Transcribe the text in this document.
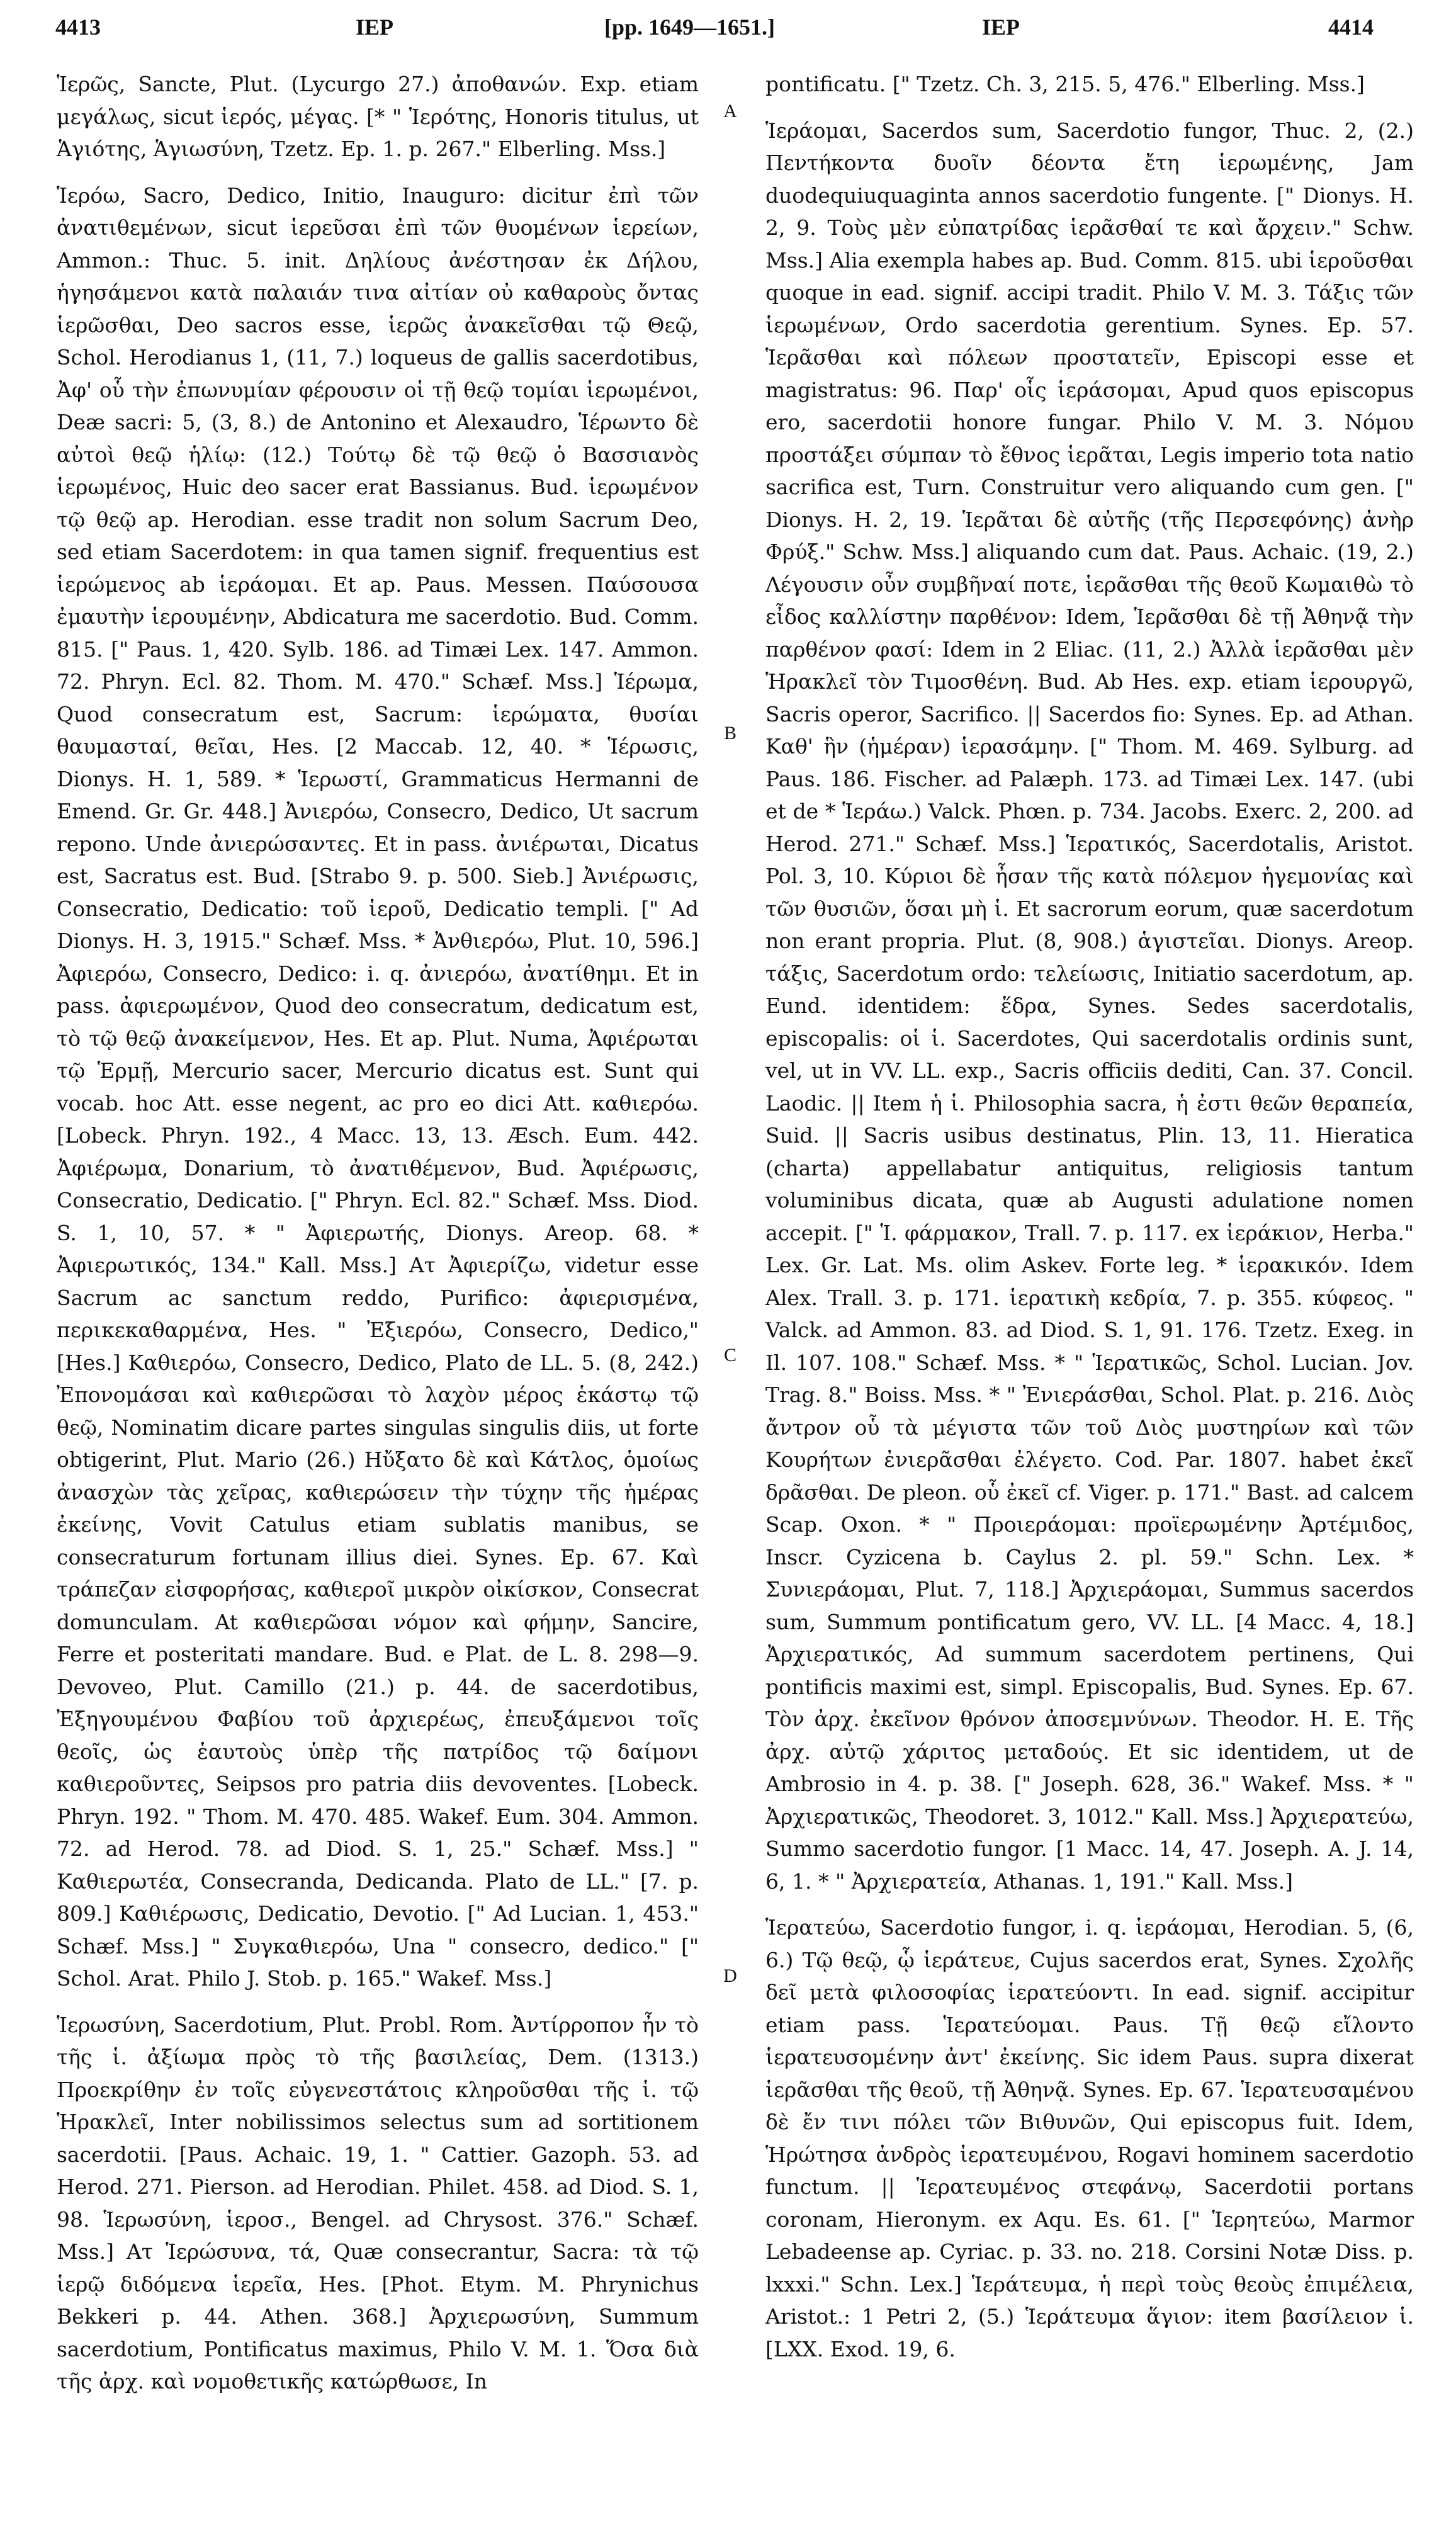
4413	ΙΕΡ	[pp. 1649—1651.]	ΙΕΡ	4414

Ἱερῶς, Sancte, Plut. (Lycurgo 27.) ἀποθανών. Exp. etiam μεγάλως, sicut ἱερός, μέγας. [* " Ἱερότης, Honoris titulus, ut Ἁγιότης, Ἁγιωσύνη, Tzetz. Ep. 1. p. 267." Elberling. Mss.]

Ἱερόω, Sacro, Dedico, Initio, Inauguro: dicitur ἐπὶ τῶν ἀνατιθεμένων, sicut ἱερεῦσαι ἐπὶ τῶν θυομένων ἱερείων, Ammon.: Thuc. 5. init. Δηλίους ἀνέστησαν ἐκ Δήλου, ἡγησάμενοι κατὰ παλαιάν τινα αἰτίαν οὐ καθαροὺς ὄντας ἱερῶσθαι, Deo sacros esse, ἱερῶς ἀνακεῖσθαι τῷ Θεῷ, Schol. Herodianus 1, (11, 7.) loqueus de gallis sacerdotibus, Ἀφ' οὗ τὴν ἐπωνυμίαν φέρουσιν οἱ τῇ θεῷ τομίαι ἱερωμένοι, Deæ sacri: 5, (3, 8.) de Antonino et Alexaudro, Ἱέρωντο δὲ αὐτοὶ θεῷ ἡλίῳ: (12.) Τούτῳ δὲ τῷ θεῷ ὁ Βασσιανὸς ἱερωμένος, Huic deo sacer erat Bassianus. Bud. ἱερωμένον τῷ θεῷ ap. Herodian. esse tradit non solum Sacrum Deo, sed etiam Sacerdotem: in qua tamen signif. frequentius est ἱερώμενος ab ἱεράομαι. Et ap. Paus. Messen. Παύσουσα ἐμαυτὴν ἱερουμένην, Abdicatura me sacerdotio. Bud. Comm. 815. [" Paus. 1, 420. Sylb. 186. ad Timæi Lex. 147. Ammon. 72. Phryn. Ecl. 82. Thom. M. 470." Schæf. Mss.] Ἱέρωμα, Quod consecratum est, Sacrum: ἱερώματα, θυσίαι θαυμασταί, θεῖαι, Hes. [2 Maccab. 12, 40. * Ἱέρωσις, Dionys. H. 1, 589. * Ἱερωστί, Grammaticus Hermanni de Emend. Gr. Gr. 448.] Ἀνιερόω, Consecro, Dedico, Ut sacrum repono. Unde ἀνιερώσαντες. Et in pass. ἀνιέρωται, Dicatus est, Sacratus est. Bud. [Strabo 9. p. 500. Sieb.] Ἀνιέρωσις, Consecratio, Dedicatio: τοῦ ἱεροῦ, Dedicatio templi. [" Ad Dionys. H. 3, 1915." Schæf. Mss. * Ἀνθιερόω, Plut. 10, 596.] Ἀφιερόω, Consecro, Dedico: i. q. ἀνιερόω, ἀνατίθημι. Et in pass. ἀφιερωμένον, Quod deo consecratum, dedicatum est, τὸ τῷ θεῷ ἀνακείμενον, Hes. Et ap. Plut. Numa, Ἀφιέρωται τῷ Ἑρμῇ, Mercurio sacer, Mercurio dicatus est. Sunt qui vocab. hoc Att. esse negent, ac pro eo dici Att. καθιερόω. [Lobeck. Phryn. 192., 4 Macc. 13, 13. Æsch. Eum. 442. Ἀφιέρωμα, Donarium, τὸ ἀνατιθέμενον, Bud. Ἀφιέρωσις, Consecratio, Dedicatio. [" Phryn. Ecl. 82." Schæf. Mss. Diod. S. 1, 10, 57. * " Ἀφιερωτής, Dionys. Areop. 68. * Ἀφιερωτικός, 134." Kall. Mss.] Ατ Ἀφιερίζω, videtur esse Sacrum ac sanctum reddo, Purifico: ἀφιερισμένα, περικεκαθαρμένα, Hes. " Ἐξιερόω, Consecro, Dedico," [Hes.] Καθιερόω, Consecro, Dedico, Plato de LL. 5. (8, 242.) Ἐπονομάσαι καὶ καθιερῶσαι τὸ λαχὸν μέρος ἑκάστῳ τῷ θεῷ, Nominatim dicare partes singulas singulis diis, ut forte obtigerint, Plut. Mario (26.) Ηὔξατο δὲ καὶ Κάτλος, ὁμοίως ἀνασχὼν τὰς χεῖρας, καθιερώσειν τὴν τύχην τῆς ἡμέρας ἐκείνης, Vovit Catulus etiam sublatis manibus, se consecraturum fortunam illius diei. Synes. Ep. 67. Καὶ τράπεζαν εἰσφορήσας, καθιεροῖ μικρὸν οἰκίσκον, Consecrat domunculam. At καθιερῶσαι νόμον καὶ φήμην, Sancire, Ferre et posteritati mandare. Bud. e Plat. de L. 8. 298—9. Devoveo, Plut. Camillo (21.) p. 44. de sacerdotibus, Ἐξηγουμένου Φαβίου τοῦ ἀρχιερέως, ἐπευξάμενοι τοῖς θεοῖς, ὡς ἑαυτοὺς ὑπὲρ τῆς πατρίδος τῷ δαίμονι καθιεροῦντες, Seipsos pro patria diis devoventes. [Lobeck. Phryn. 192. " Thom. M. 470. 485. Wakef. Eum. 304. Ammon. 72. ad Herod. 78. ad Diod. S. 1, 25." Schæf. Mss.] " Καθιερωτέα, Consecranda, Dedicanda. Plato de LL." [7. p. 809.] Καθιέρωσις, Dedicatio, Devotio. [" Ad Lucian. 1, 453." Schæf. Mss.] " Συγκαθιερόω, Una " consecro, dedico." [" Schol. Arat. Philo J. Stob. p. 165." Wakef. Mss.]

Ἱερωσύνη, Sacerdotium, Plut. Probl. Rom. Ἀντίρροπον ἦν τὸ τῆς ἱ. ἀξίωμα πρὸς τὸ τῆς βασιλείας, Dem. (1313.) Προεκρίθην ἐν τοῖς εὐγενεστάτοις κληροῦσθαι τῆς ἱ. τῷ Ἡρακλεῖ, Inter nobilissimos selectus sum ad sortitionem sacerdotii. [Paus. Achaic. 19, 1. " Cattier. Gazoph. 53. ad Herod. 271. Pierson. ad Herodian. Philet. 458. ad Diod. S. 1, 98. Ἱερωσύνη, ἱεροσ., Bengel. ad Chrysost. 376." Schæf. Mss.] Ατ Ἱερώσυνα, τά, Quæ consecrantur, Sacra: τὰ τῷ ἱερῷ διδόμενα ἱερεῖα, Hes. [Phot. Etym. M. Phrynichus Bekkeri p. 44. Athen. 368.] Ἀρχιερωσύνη, Summum sacerdotium, Pontificatus maximus, Philo V. M. 1. Ὅσα διὰ τῆς ἀρχ. καὶ νομοθετικῆς κατώρθωσε, In

A
B
C
D

pontificatu. [" Tzetz. Ch. 3, 215. 5, 476." Elberling. Mss.]

Ἱεράομαι, Sacerdos sum, Sacerdotio fungor, Thuc. 2, (2.) Πεντήκοντα δυοῖν δέοντα ἔτη ἱερωμένης, Jam duodequiuquaginta annos sacerdotio fungente. [" Dionys. H. 2, 9. Τοὺς μὲν εὐπατρίδας ἱερᾶσθαί τε καὶ ἄρχειν." Schw. Mss.] Alia exempla habes ap. Bud. Comm. 815. ubi ἱεροῦσθαι quoque in ead. signif. accipi tradit. Philo V. M. 3. Τάξις τῶν ἱερωμένων, Ordo sacerdotia gerentium. Synes. Ep. 57. Ἱερᾶσθαι καὶ πόλεων προστατεῖν, Episcopi esse et magistratus: 96. Παρ' οἷς ἱεράσομαι, Apud quos episcopus ero, sacerdotii honore fungar. Philo V. M. 3. Νόμου προστάξει σύμπαν τὸ ἔθνος ἱερᾶται, Legis imperio tota natio sacrifica est, Turn. Construitur vero aliquando cum gen. [" Dionys. H. 2, 19. Ἱερᾶται δὲ αὐτῆς (τῆς Περσεφόνης) ἀνὴρ Φρύξ." Schw. Mss.] aliquando cum dat. Paus. Achaic. (19, 2.) Λέγουσιν οὖν συμβῆναί ποτε, ἱερᾶσθαι τῆς θεοῦ Κωμαιθὼ τὸ εἶδος καλλίστην παρθένον: Idem, Ἱερᾶσθαι δὲ τῇ Ἀθηνᾷ τὴν παρθένον φασί: Idem in 2 Eliac. (11, 2.) Ἀλλὰ ἱερᾶσθαι μὲν Ἡρακλεῖ τὸν Τιμοσθένη. Bud. Ab Hes. exp. etiam ἱερουργῶ, Sacris operor, Sacrifico. || Sacerdos fio: Synes. Ep. ad Athan. Καθ' ἣν (ἡμέραν) ἱερασάμην. [" Thom. M. 469. Sylburg. ad Paus. 186. Fischer. ad Palæph. 173. ad Timæi Lex. 147. (ubi et de * Ἱεράω.) Valck. Phœn. p. 734. Jacobs. Exerc. 2, 200. ad Herod. 271." Schæf. Mss.] Ἱερατικός, Sacerdotalis, Aristot. Pol. 3, 10. Κύριοι δὲ ἦσαν τῆς κατὰ πόλεμον ἡγεμονίας καὶ τῶν θυσιῶν, ὅσαι μὴ ἱ. Et sacrorum eorum, quæ sacerdotum non erant propria. Plut. (8, 908.) ἁγιστεῖαι. Dionys. Areop. τάξις, Sacerdotum ordo: τελείωσις, Initiatio sacerdotum, ap. Eund. identidem: ἕδρα, Synes. Sedes sacerdotalis, episcopalis: οἱ ἱ. Sacerdotes, Qui sacerdotalis ordinis sunt, vel, ut in VV. LL. exp., Sacris officiis dediti, Can. 37. Concil. Laodic. || Item ἡ ἱ. Philosophia sacra, ἡ ἐστι θεῶν θεραπεία, Suid. || Sacris usibus destinatus, Plin. 13, 11. Hieratica (charta) appellabatur antiquitus, religiosis tantum voluminibus dicata, quæ ab Augusti adulatione nomen accepit. [" Ἱ. φάρμακον, Trall. 7. p. 117. ex ἱεράκιον, Herba." Lex. Gr. Lat. Ms. olim Askev. Forte leg. * ἱερακικόν. Idem Alex. Trall. 3. p. 171. ἱερατικὴ κεδρία, 7. p. 355. κύφεος. " Valck. ad Ammon. 83. ad Diod. S. 1, 91. 176. Tzetz. Exeg. in Il. 107. 108." Schæf. Mss. * " Ἱερατικῶς, Schol. Lucian. Jov. Trag. 8." Boiss. Mss. * " Ἐνιεράσθαι, Schol. Plat. p. 216. Διὸς ἄντρον οὗ τὰ μέγιστα τῶν τοῦ Διὸς μυστηρίων καὶ τῶν Κουρήτων ἐνιερᾶσθαι ἐλέγετο. Cod. Par. 1807. habet ἐκεῖ δρᾶσθαι. De pleon. οὗ ἐκεῖ cf. Viger. p. 171." Bast. ad calcem Scap. Oxon. * " Προιεράομαι: προϊερωμένην Ἀρτέμιδος, Inscr. Cyzicena b. Caylus 2. pl. 59." Schn. Lex. * Συνιεράομαι, Plut. 7, 118.] Ἀρχιεράομαι, Summus sacerdos sum, Summum pontificatum gero, VV. LL. [4 Macc. 4, 18.] Ἀρχιερατικός, Ad summum sacerdotem pertinens, Qui pontificis maximi est, simpl. Episcopalis, Bud. Synes. Ep. 67. Τὸν ἀρχ. ἐκεῖνον θρόνον ἀποσεμνύνων. Theodor. H. E. Τῆς ἀρχ. αὐτῷ χάριτος μεταδούς. Et sic identidem, ut de Ambrosio in 4. p. 38. [" Joseph. 628, 36." Wakef. Mss. * " Ἀρχιερατικῶς, Theodoret. 3, 1012." Kall. Mss.] Ἀρχιερατεύω, Summo sacerdotio fungor. [1 Macc. 14, 47. Joseph. A. J. 14, 6, 1. * " Ἀρχιερατεία, Athanas. 1, 191." Kall. Mss.]

Ἱερατεύω, Sacerdotio fungor, i. q. ἱεράομαι, Herodian. 5, (6, 6.) Τῷ θεῷ, ᾧ ἱεράτευε, Cujus sacerdos erat, Synes. Σχολῆς δεῖ μετὰ φιλοσοφίας ἱερατεύοντι. In ead. signif. accipitur etiam pass. Ἱερατεύομαι. Paus. Τῇ θεῷ εἴλοντο ἱερατευσομένην ἀντ' ἐκείνης. Sic idem Paus. supra dixerat ἱερᾶσθαι τῆς θεοῦ, τῇ Ἀθηνᾷ. Synes. Ep. 67. Ἱερατευσαμένου δὲ ἔν τινι πόλει τῶν Βιθυνῶν, Qui episcopus fuit. Idem, Ἡρώτησα ἀνδρὸς ἱερατευμένου, Rogavi hominem sacerdotio functum. || Ἱερατευμένος στεφάνῳ, Sacerdotii portans coronam, Hieronym. ex Aqu. Es. 61. [" Ἱερητεύω, Marmor Lebadeense ap. Cyriac. p. 33. no. 218. Corsini Notæ Diss. p. lxxxi." Schn. Lex.] Ἱεράτευμα, ἡ περὶ τοὺς θεοὺς ἐπιμέλεια, Aristot.: 1 Petri 2, (5.) Ἱεράτευμα ἅγιον: item βασίλειον ἱ. [LXX. Exod. 19, 6.
